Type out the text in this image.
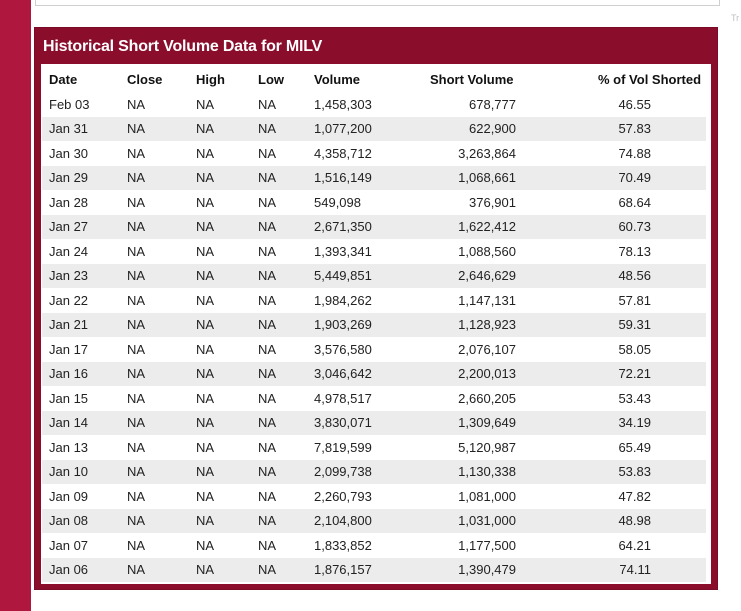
Tr
Historical Short Volume Data for MILV
Date	Close	High	Low	Volume	Short Volume	% of Vol Shorted
Feb 03	NA	NA	NA	1,458,303	678,777	46.55
Jan 31	NA	NA	NA	1,077,200	622,900	57.83
Jan 30	NA	NA	NA	4,358,712	3,263,864	74.88
Jan 29	NA	NA	NA	1,516,149	1,068,661	70.49
Jan 28	NA	NA	NA	549,098	376,901	68.64
Jan 27	NA	NA	NA	2,671,350	1,622,412	60.73
Jan 24	NA	NA	NA	1,393,341	1,088,560	78.13
Jan 23	NA	NA	NA	5,449,851	2,646,629	48.56
Jan 22	NA	NA	NA	1,984,262	1,147,131	57.81
Jan 21	NA	NA	NA	1,903,269	1,128,923	59.31
Jan 17	NA	NA	NA	3,576,580	2,076,107	58.05
Jan 16	NA	NA	NA	3,046,642	2,200,013	72.21
Jan 15	NA	NA	NA	4,978,517	2,660,205	53.43
Jan 14	NA	NA	NA	3,830,071	1,309,649	34.19
Jan 13	NA	NA	NA	7,819,599	5,120,987	65.49
Jan 10	NA	NA	NA	2,099,738	1,130,338	53.83
Jan 09	NA	NA	NA	2,260,793	1,081,000	47.82
Jan 08	NA	NA	NA	2,104,800	1,031,000	48.98
Jan 07	NA	NA	NA	1,833,852	1,177,500	64.21
Jan 06	NA	NA	NA	1,876,157	1,390,479	74.11
